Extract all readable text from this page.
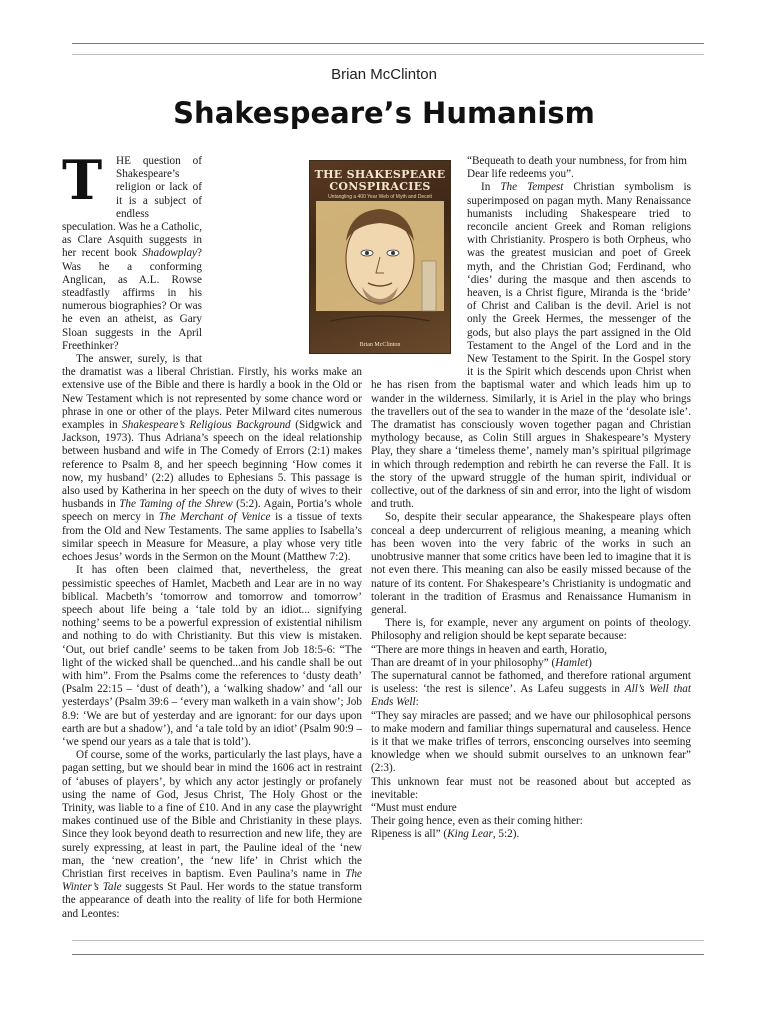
Brian McClinton
Shakespeare’s Humanism

T	HE question of Shakespeare’s religion or lack of it is a subject of endless speculation. Was he a Catholic, as Clare Asquith suggests in her recent book Shadowplay? Was he a conforming Anglican, as A.L. Rowse steadfastly affirms in his numerous biographies? Or was he even an atheist, as Gary Sloan suggests in the April Freethinker?

The answer, surely, is that the dramatist was a liberal Christian. Firstly, his works make an extensive use of the Bible and there is hardly a book in the Old or New Testament which is not represented by some chance word or phrase in one or other of the plays. Peter Milward cites numerous examples in Shakespeare’s Religious Background (Sidgwick and Jackson, 1973). Thus Adriana’s speech on the ideal relationship between husband and wife in The Comedy of Errors (2:1) makes reference to Psalm 8, and her speech beginning ‘How comes it now, my husband’ (2:2) alludes to Ephesians 5. This passage is also used by Katherina in her speech on the duty of wives to their husbands in The Taming of the Shrew (5:2). Again, Portia’s whole speech on mercy in The Merchant of Venice is a tissue of texts from the Old and New Testaments. The same applies to Isabella’s similar speech in Measure for Measure, a play whose very title echoes Jesus’ words in the Sermon on the Mount (Matthew 7:2).

It has often been claimed that, nevertheless, the great pessimistic speeches of Hamlet, Macbeth and Lear are in no way biblical. Macbeth’s ‘tomorrow and tomorrow and tomorrow’ speech about life being a ‘tale told by an idiot... signifying nothing’ seems to be a powerful expression of existential nihilism and nothing to do with Christianity. But this view is mistaken. ‘Out, out brief candle’ seems to be taken from Job 18:5-6: “The light of the wicked shall be quenched...and his candle shall be out with him”. From the Psalms come the references to ‘dusty death’ (Psalm 22:15 – ‘dust of death’), a ‘walking shadow’ and ‘all our yesterdays’ (Psalm 39:6 – ‘every man walketh in a vain show’; Job 8.9: ‘We are but of yesterday and are ignorant: for our days upon earth are but a shadow’), and ‘a tale told by an idiot’ (Psalm 90:9 – ‘we spend our years as a tale that is told’).

Of course, some of the works, particularly the last plays, have a pagan setting, but we should bear in mind the 1606 act in restraint of ‘abuses of players’, by which any actor jestingly or profanely using the name of God, Jesus Christ, The Holy Ghost or the Trinity, was liable to a fine of £10. And in any case the playwright makes continued use of the Bible and Christianity in these plays. Since they look beyond death to resurrection and new life, they are surely expressing, at least in part, the Pauline ideal of the ‘new man, the ‘new creation’, the ‘new life’ in Christ which the Christian first receives in baptism. Even Paulina’s name in The Winter’s Tale suggests St Paul. Her words to the statue transform the appearance of death into the reality of life for both Hermione and Leontes:

“Bequeath to death your numbness, for from him
Dear life redeems you”.

In The Tempest Christian symbolism is superimposed on pagan myth. Many Renaissance humanists including Shakespeare tried to reconcile ancient Greek and Roman religions with Christianity. Prospero is both Orpheus, who was the greatest musician and poet of Greek myth, and the Christian God; Ferdinand, who ‘dies’ during the masque and then ascends to heaven, is a Christ figure, Miranda is the ‘bride’ of Christ and Caliban is the devil. Ariel is not only the Greek Hermes, the messenger of the gods, but also plays the part assigned in the Old Testament to the Angel of the Lord and in the New Testament to the Spirit. In the Gospel story it is the Spirit which descends upon Christ when he has risen from the baptismal water and which leads him up to wander in the wilderness. Similarly, it is Ariel in the play who brings the travellers out of the sea to wander in the maze of the ‘desolate isle’. The dramatist has consciously woven together pagan and Christian mythology because, as Colin Still argues in Shakespeare’s Mystery Play, they share a ‘timeless theme’, namely man’s spiritual pilgrimage in which through redemption and rebirth he can reverse the Fall. It is the story of the upward struggle of the human spirit, individual or collective, out of the darkness of sin and error, into the light of wisdom and truth.

So, despite their secular appearance, the Shakespeare plays often conceal a deep undercurrent of religious meaning, a meaning which has been woven into the very fabric of the works in such an unobtrusive manner that some critics have been led to imagine that it is not even there. This meaning can also be easily missed because of the nature of its content. For Shakespeare’s Christianity is undogmatic and tolerant in the tradition of Erasmus and Renaissance Humanism in general.

There is, for example, never any argument on points of theology. Philosophy and religion should be kept separate because:

“There are more things in heaven and earth, Horatio,
Than are dreamt of in your philosophy” (Hamlet)

The supernatural cannot be fathomed, and therefore rational argument is useless: ‘the rest is silence’. As Lafeu suggests in All’s Well that Ends Well:

“They say miracles are passed; and we have our philosophical persons to make modern and familiar things supernatural and causeless. Hence is it that we make trifles of terrors, ensconcing ourselves into seeming knowledge when we should submit ourselves to an unknown fear” (2:3).

This unknown fear must not be reasoned about but accepted as inevitable:

“Must must endure
Their going hence, even as their coming hither:
Ripeness is all” (King Lear, 5:2).

THE SHAKESPEARE
CONSPIRACIES
Untangling a 400 Year Web of Myth and Deceit
Brian McClinton
